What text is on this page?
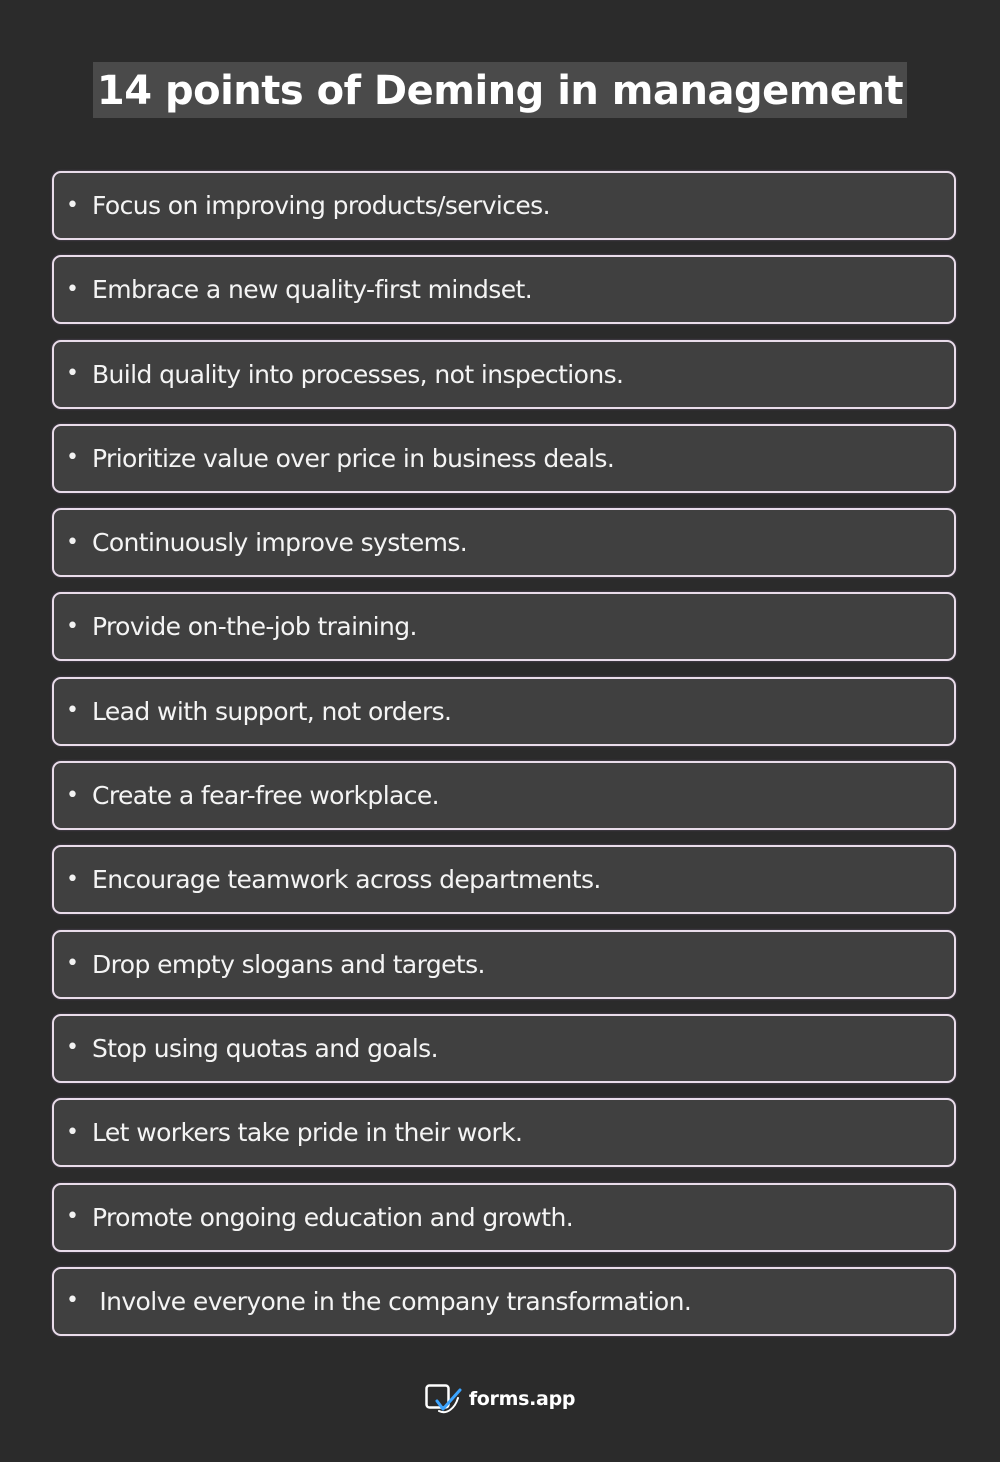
14 points of Deming in management
• Focus on improving products/services.
• Embrace a new quality-first mindset.
• Build quality into processes, not inspections.
• Prioritize value over price in business deals.
• Continuously improve systems.
• Provide on-the-job training.
• Lead with support, not orders.
• Create a fear-free workplace.
• Encourage teamwork across departments.
• Drop empty slogans and targets.
• Stop using quotas and goals.
• Let workers take pride in their work.
• Promote ongoing education and growth.
• Involve everyone in the company transformation.
forms.app
